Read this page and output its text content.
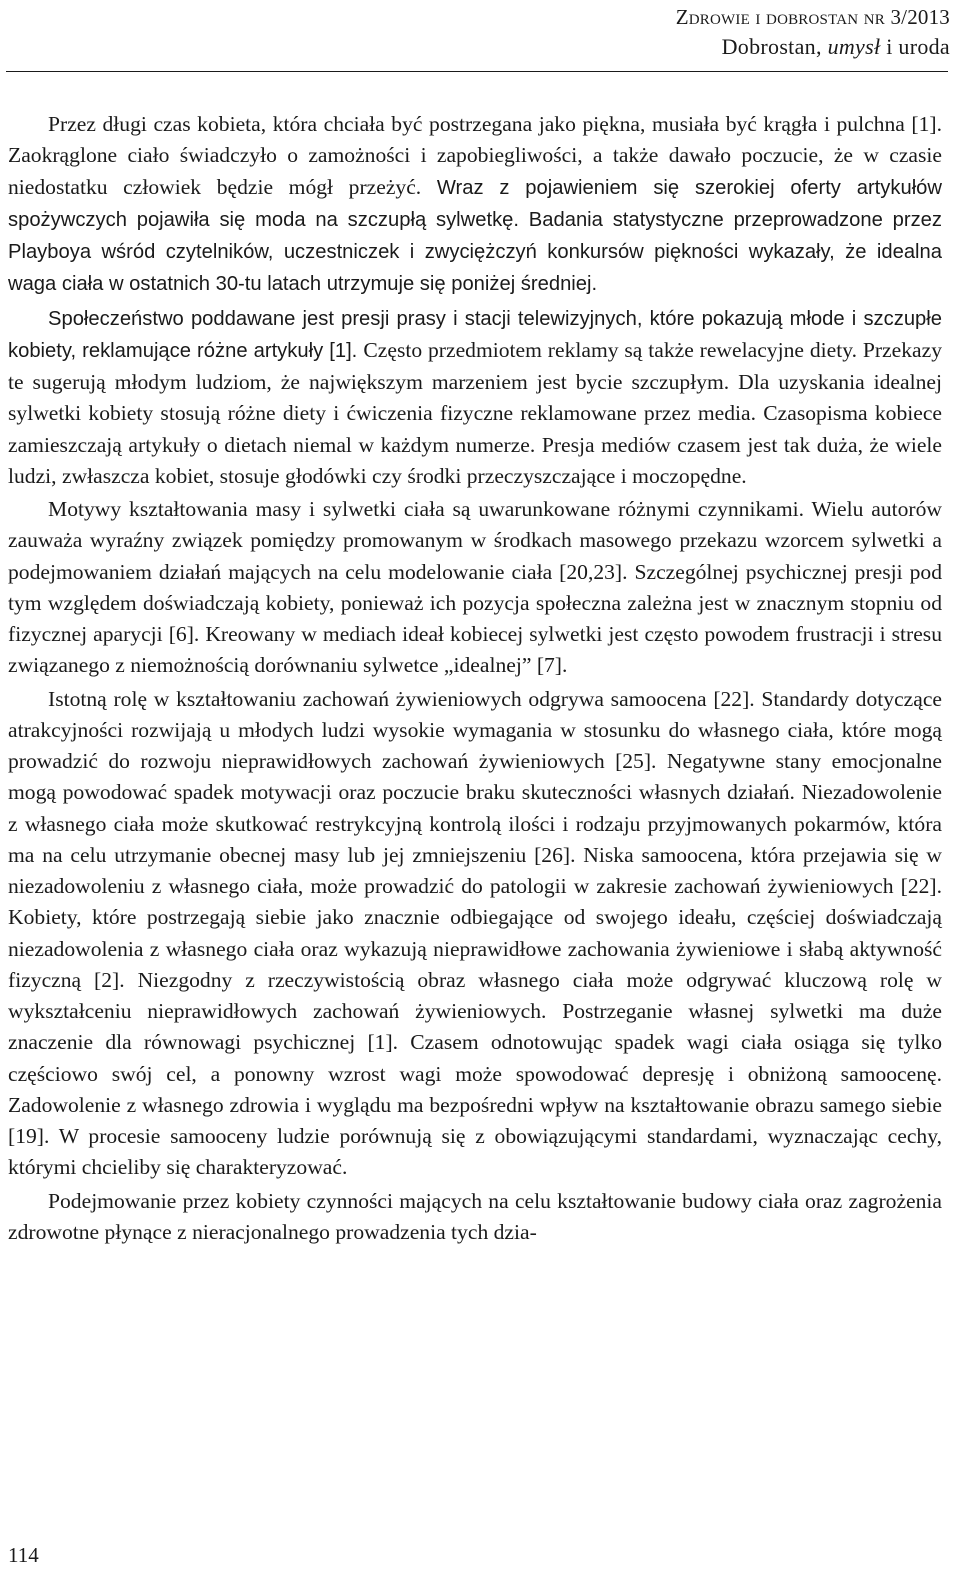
Zdrowie i dobrostan nr 3/2013
Dobrostan, umysł i uroda

Przez długi czas kobieta, która chciała być postrzegana jako piękna, musiała być krągła i pulchna [1]. Zaokrąglone ciało świadczyło o zamożności i zapobiegliwości, a także dawało poczucie, że w czasie niedostatku człowiek będzie mógł przeżyć. Wraz z pojawieniem się szerokiej oferty artykułów spożywczych pojawiła się moda na szczupłą sylwetkę. Badania statystyczne przeprowadzone przez Playboya wśród czytelników, uczestniczek i zwyciężczyń konkursów piękności wykazały, że idealna waga ciała w ostatnich 30-tu latach utrzymuje się poniżej średniej.

Społeczeństwo poddawane jest presji prasy i stacji telewizyjnych, które pokazują młode i szczupłe kobiety, reklamujące różne artykuły [1]. Często przedmiotem reklamy są także rewelacyjne diety. Przekazy te sugerują młodym ludziom, że największym marzeniem jest bycie szczupłym. Dla uzyskania idealnej sylwetki kobiety stosują różne diety i ćwiczenia fizyczne reklamowane przez media. Czasopisma kobiece zamieszczają artykuły o dietach niemal w każdym numerze. Presja mediów czasem jest tak duża, że wiele ludzi, zwłaszcza kobiet, stosuje głodówki czy środki przeczyszczające i moczopędne.

Motywy kształtowania masy i sylwetki ciała są uwarunkowane różnymi czynnikami. Wielu autorów zauważa wyraźny związek pomiędzy promowanym w środkach masowego przekazu wzorcem sylwetki a podejmowaniem działań mających na celu modelowanie ciała [20,23]. Szczególnej psychicznej presji pod tym względem doświadczają kobiety, ponieważ ich pozycja społeczna zależna jest w znacznym stopniu od fizycznej aparycji [6]. Kreowany w mediach ideał kobiecej sylwetki jest często powodem frustracji i stresu związanego z niemożnością dorównaniu sylwetce „idealnej” [7].

Istotną rolę w kształtowaniu zachowań żywieniowych odgrywa samoocena [22]. Standardy dotyczące atrakcyjności rozwijają u młodych ludzi wysokie wymagania w stosunku do własnego ciała, które mogą prowadzić do rozwoju nieprawidłowych zachowań żywieniowych [25]. Negatywne stany emocjonalne mogą powodować spadek motywacji oraz poczucie braku skuteczności własnych działań. Niezadowolenie z własnego ciała może skutkować restrykcyjną kontrolą ilości i rodzaju przyjmowanych pokarmów, która ma na celu utrzymanie obecnej masy lub jej zmniejszeniu [26]. Niska samoocena, która przejawia się w niezadowoleniu z własnego ciała, może prowadzić do patologii w zakresie zachowań żywieniowych [22]. Kobiety, które postrzegają siebie jako znacznie odbiegające od swojego ideału, częściej doświadczają niezadowolenia z własnego ciała oraz wykazują nieprawidłowe zachowania żywieniowe i słabą aktywność fizyczną [2]. Niezgodny z rzeczywistością obraz własnego ciała może odgrywać kluczową rolę w wykształceniu nieprawidłowych zachowań żywieniowych. Postrzeganie własnej sylwetki ma duże znaczenie dla równowagi psychicznej [1]. Czasem odnotowując spadek wagi ciała osiąga się tylko częściowo swój cel, a ponowny wzrost wagi może spowodować depresję i obniżoną samoocenę. Zadowolenie z własnego zdrowia i wyglądu ma bezpośredni wpływ na kształtowanie obrazu samego siebie [19]. W procesie samooceny ludzie porównują się z obowiązującymi standardami, wyznaczając cechy, którymi chcieliby się charakteryzować.

Podejmowanie przez kobiety czynności mających na celu kształtowanie budowy ciała oraz zagrożenia zdrowotne płynące z nieracjonalnego prowadzenia tych dzia-

114
